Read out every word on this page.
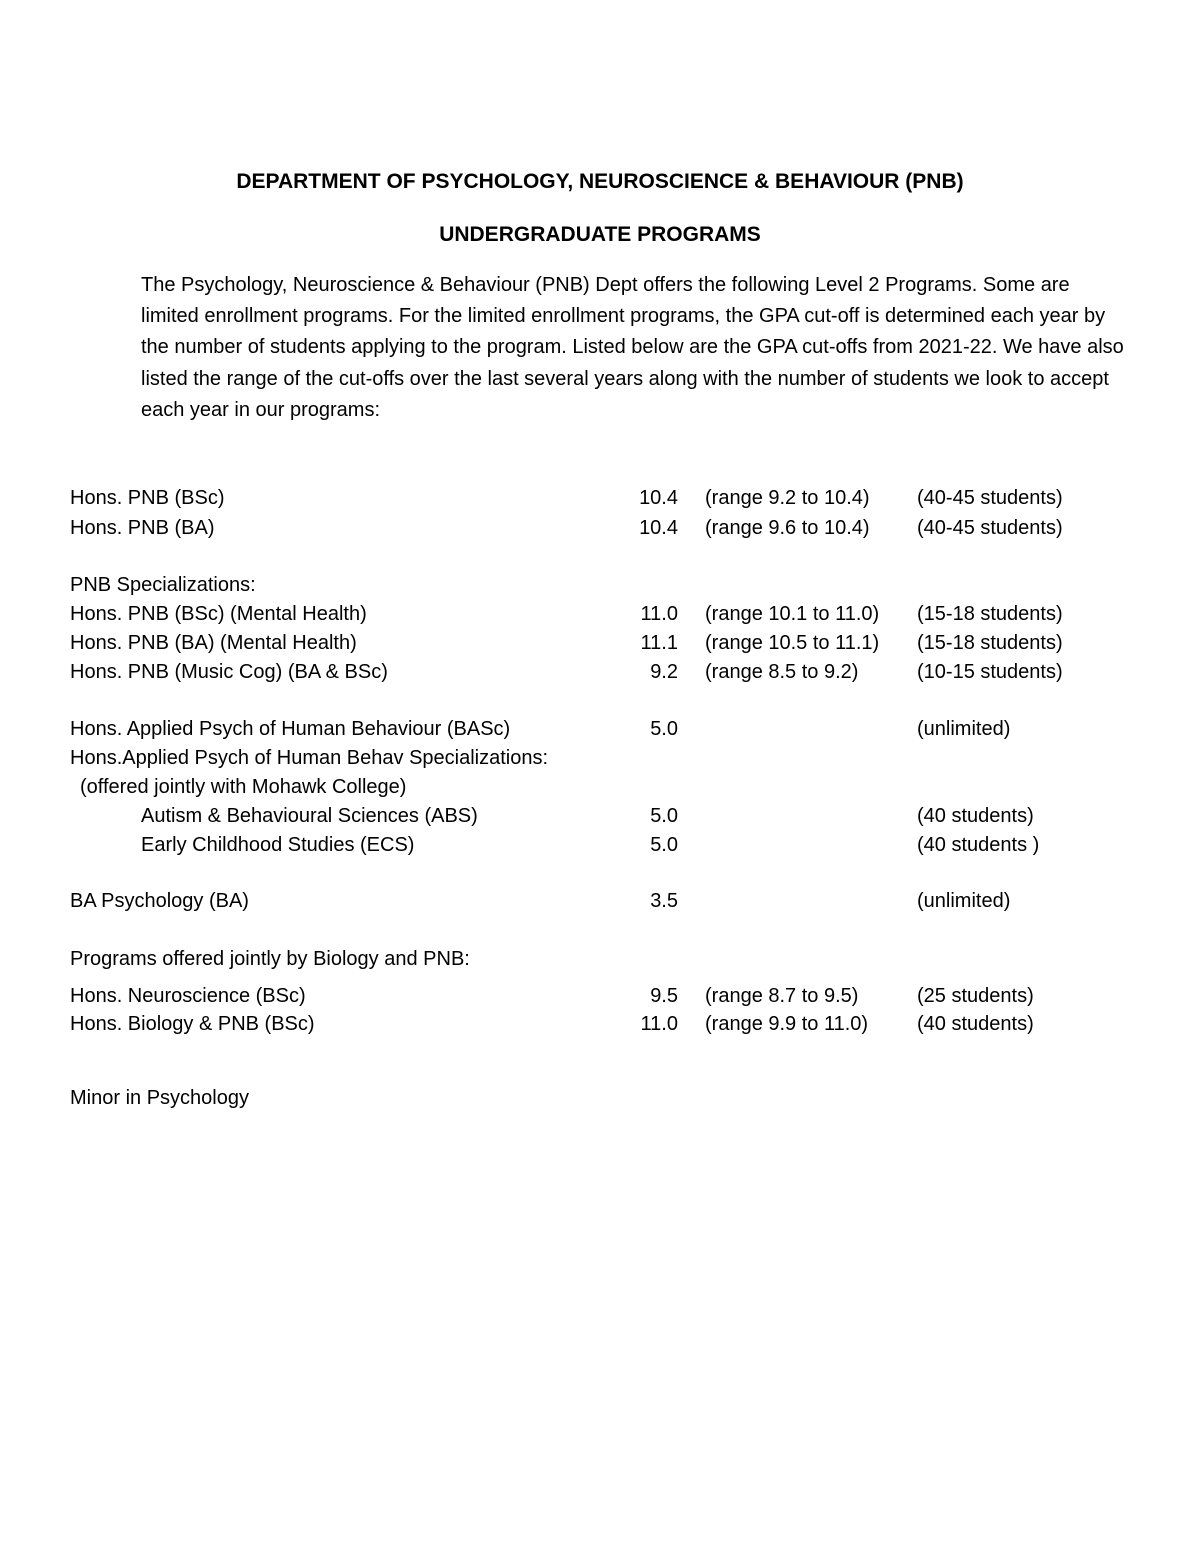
DEPARTMENT OF PSYCHOLOGY, NEUROSCIENCE & BEHAVIOUR (PNB)
UNDERGRADUATE PROGRAMS

The Psychology, Neuroscience & Behaviour (PNB) Dept offers the following Level 2 Programs. Some are limited enrollment programs. For the limited enrollment programs, the GPA cut-off is determined each year by the number of students applying to the program. Listed below are the GPA cut-offs from 2021-22. We have also listed the range of the cut-offs over the last several years along with the number of students we look to accept each year in our programs:

Hons. PNB (BSc)	10.4 (range 9.2 to 10.4) (40-45 students)
Hons. PNB (BA)	10.4 (range 9.6 to 10.4) (40-45 students)
PNB Specializations:
Hons. PNB (BSc) (Mental Health)	11.0 (range 10.1 to 11.0) (15-18 students)
Hons. PNB (BA) (Mental Health)	11.1 (range 10.5 to 11.1) (15-18 students)
Hons. PNB (Music Cog) (BA & BSc)	9.2 (range 8.5 to 9.2)	(10-15 students)
Hons. Applied Psych of Human Behaviour (BASc)	5.0	(unlimited)
Hons.Applied Psych of Human Behav Specializations:
(offered jointly with Mohawk College)
Autism & Behavioural Sciences (ABS)	5.0	(40 students)
Early Childhood Studies (ECS)	5.0	(40 students )
BA Psychology (BA)	3.5	(unlimited)
Programs offered jointly by Biology and PNB:
Hons. Neuroscience (BSc)	9.5 (range 8.7 to 9.5)	(25 students)
Hons. Biology & PNB (BSc)	11.0 (range 9.9 to 11.0) (40 students)
Minor in Psychology
